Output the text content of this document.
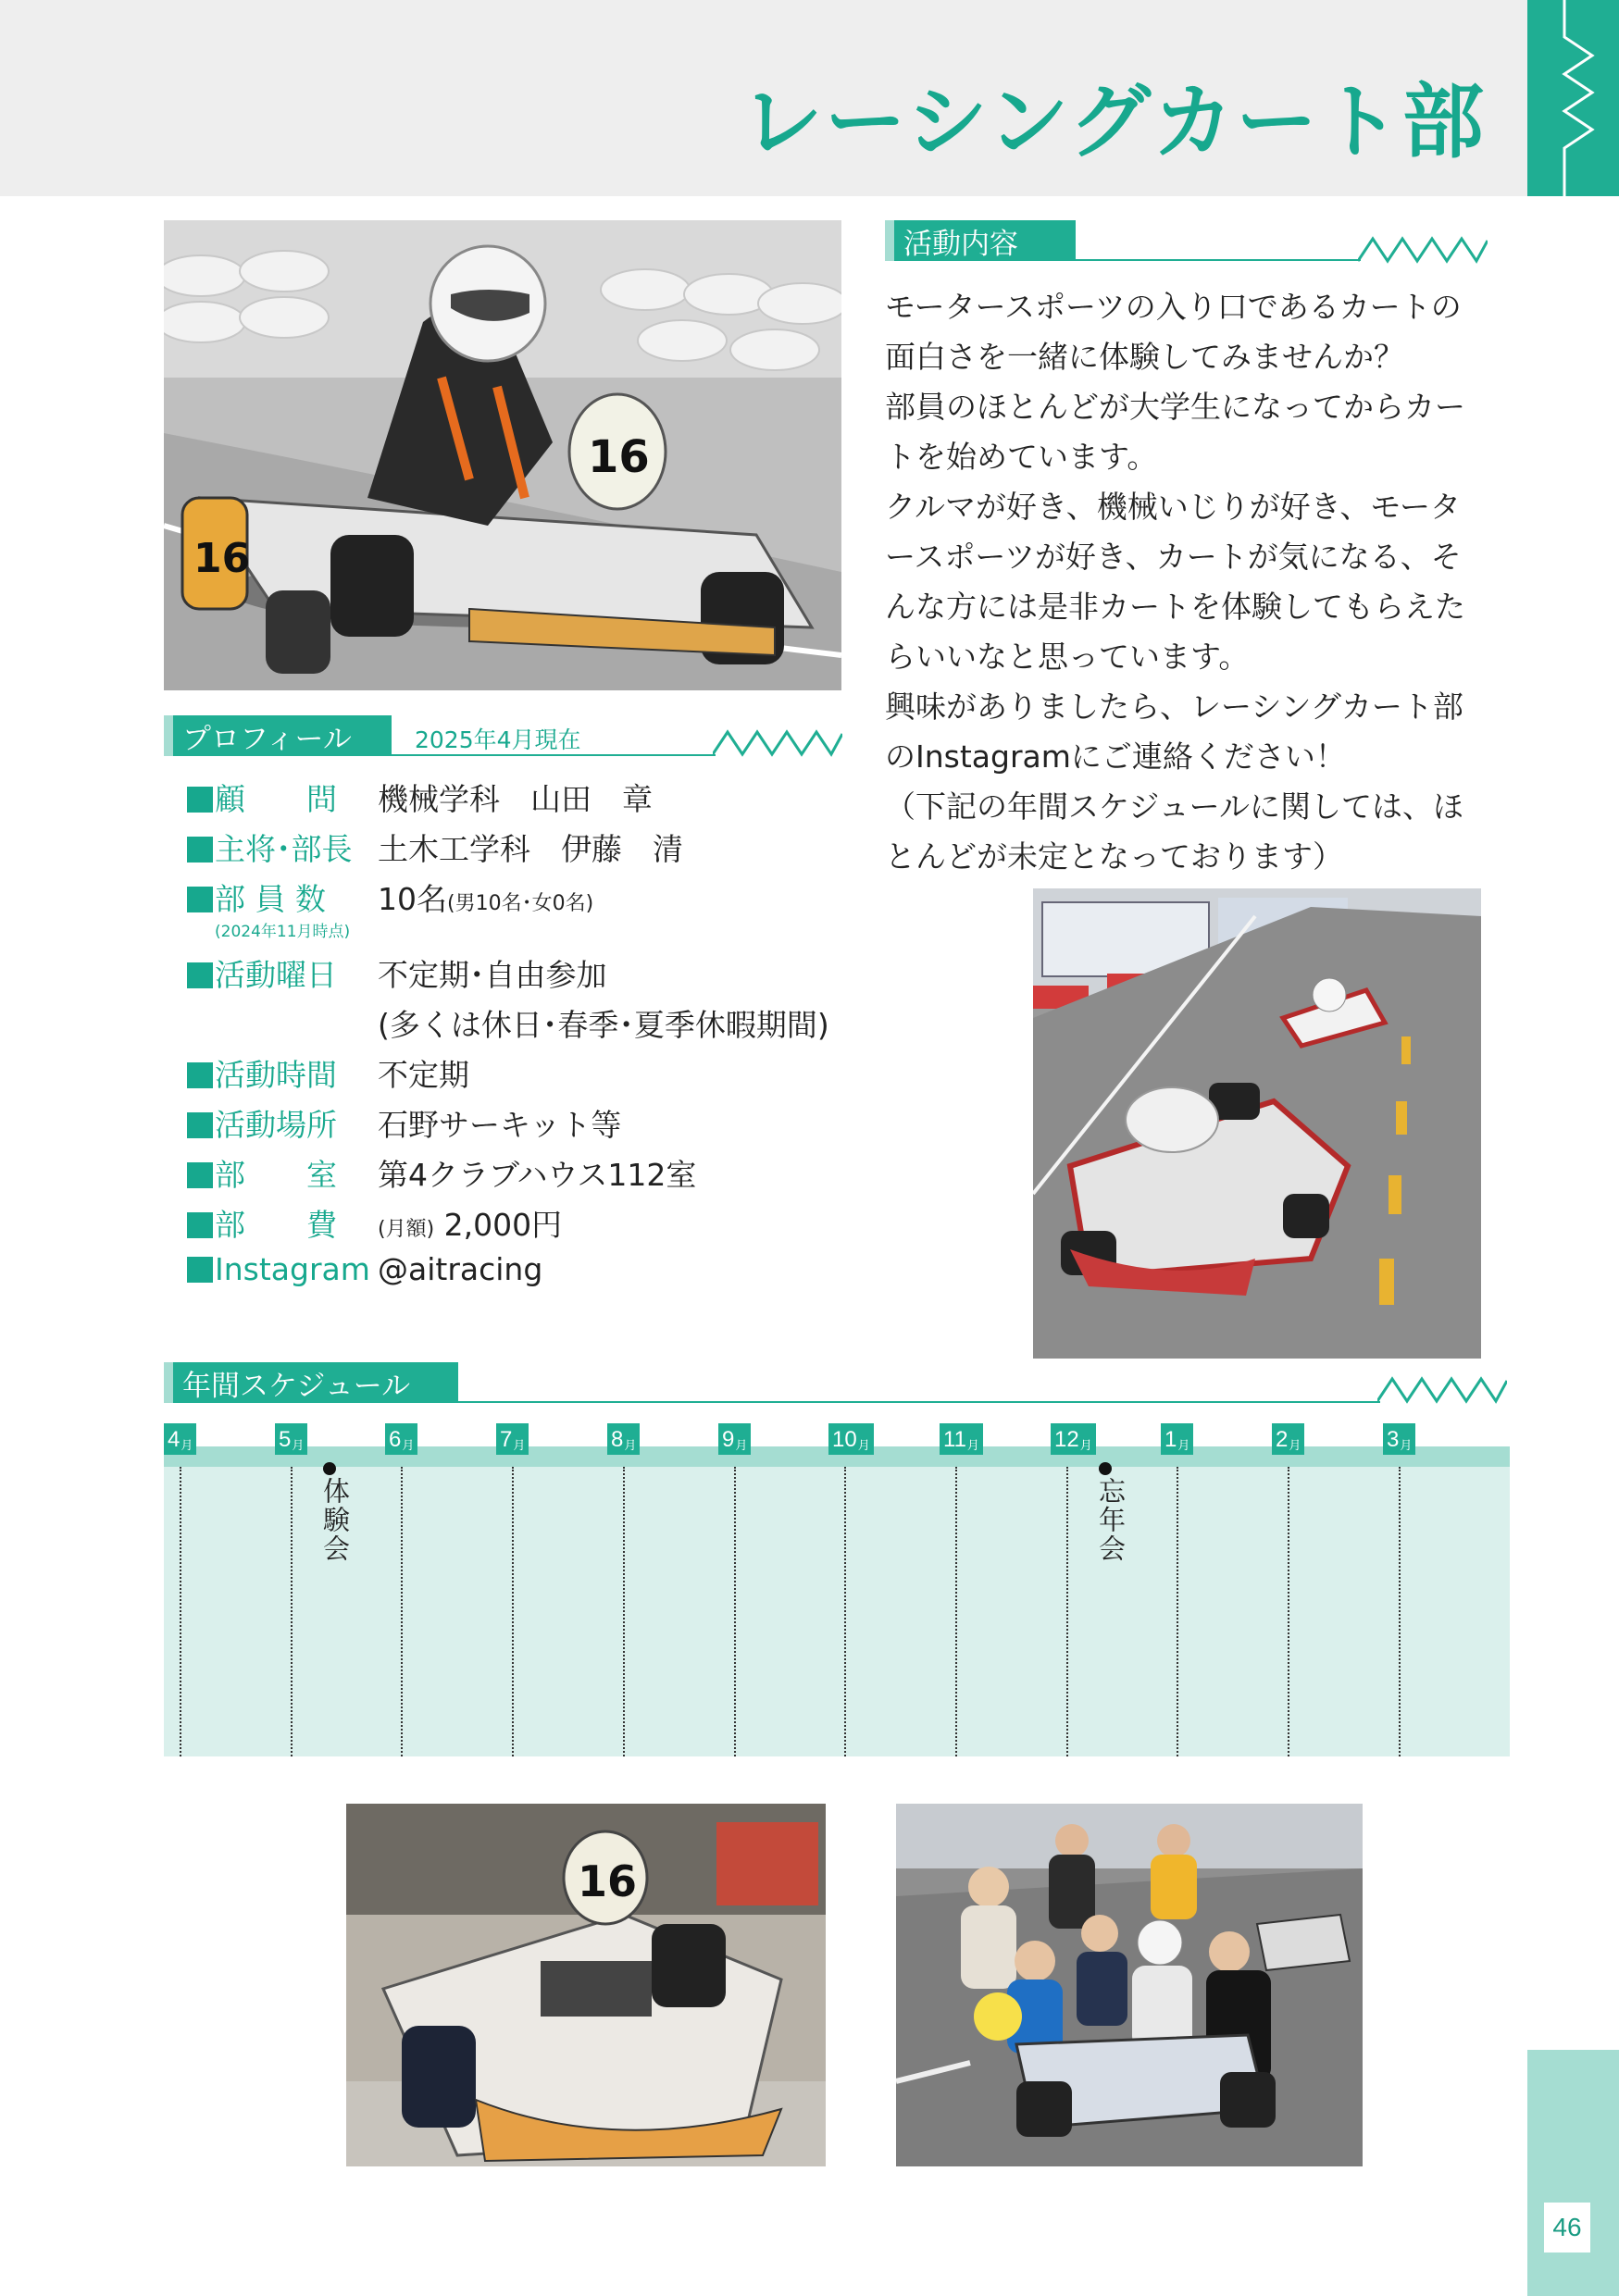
レーシングカート部
16
16
活動内容

モータースポーツの入り口であるカートの面白さを一緒に体験してみませんか？

部員のほとんどが大学生になってからカートを始めています。

クルマが好き、機械いじりが好き、モータースポーツが好き、カートが気になる、そんな方には是非カートを体験してもらえたらいいなと思っています。

興味がありましたら、レーシングカート部のInstagramにご連絡ください！

（下記の年間スケジュールに関しては、ほとんどが未定となっております）

プロフィール	2025年4月現在
顧　　問 機械学科　山田　章
主将･部長 土木工学科　伊藤　清
部 員 数 10名(男10名･女0名)
(2024年11月時点)
活動曜日 不定期･自由参加
(多くは休日･春季･夏季休暇期間)
活動時間 不定期
活動場所 石野サーキット等
部　　室 第4クラブハウス112室
部　　費 (月額) 2,000円
Instagram @aitracing
年間スケジュール
4 月	5 月	6 月	7 月	8 月	9 月	10 月	11 月	12 月	1 月	2 月	3 月
体験会	忘年会
16
46
